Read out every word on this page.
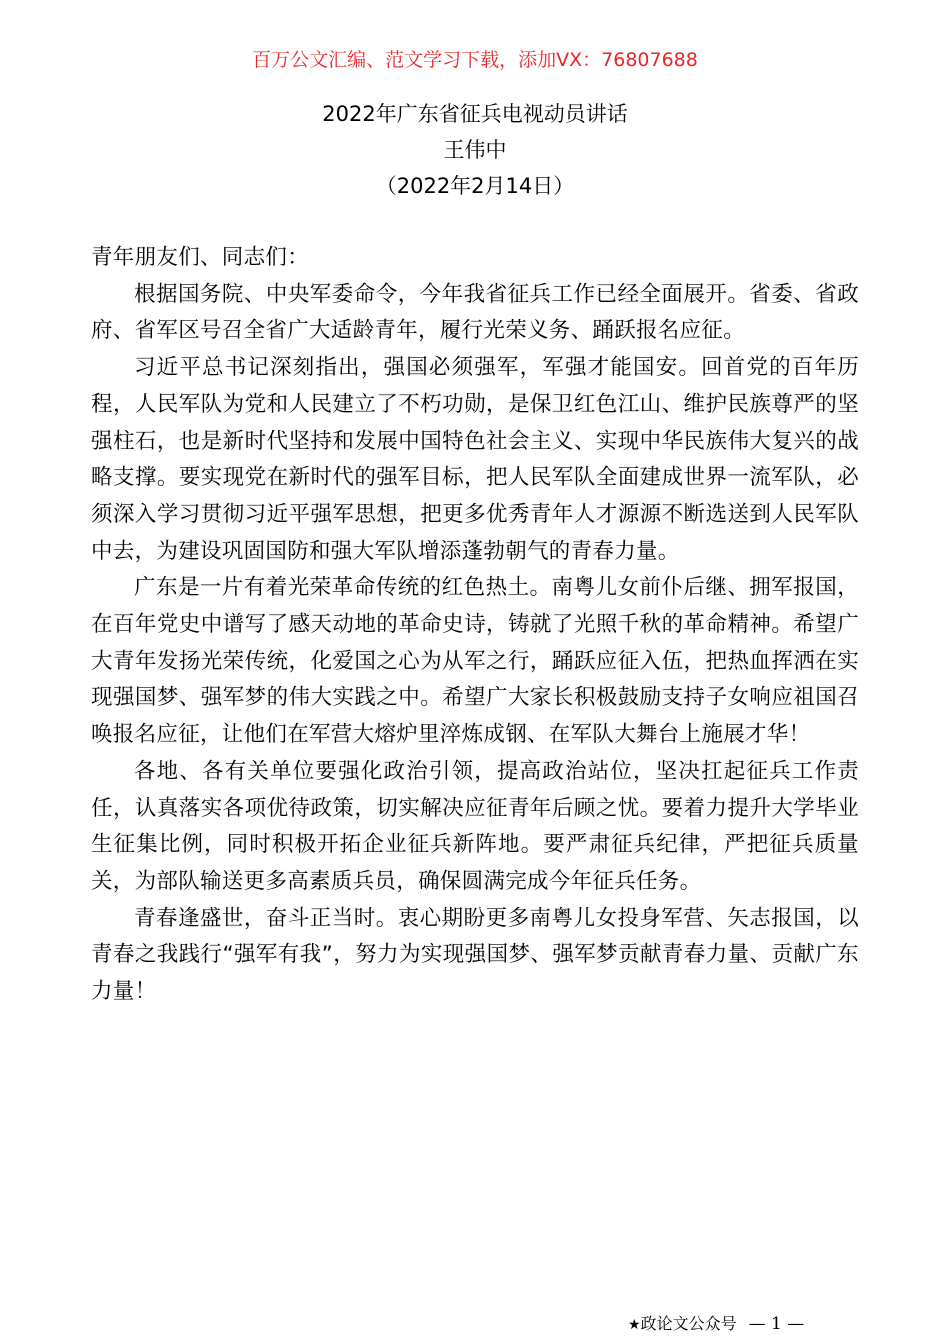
百万公文汇编、范文学习下载，添加VX：76807688
2022年广东省征兵电视动员讲话
王伟中
（2022年2月14日）

青年朋友们、同志们：

根据国务院、中央军委命令，今年我省征兵工作已经全面展开。省委、省政府、省军区号召全省广大适龄青年，履行光荣义务、踊跃报名应征。

习近平总书记深刻指出，强国必须强军，军强才能国安。回首党的百年历程，人民军队为党和人民建立了不朽功勋，是保卫红色江山、维护民族尊严的坚强柱石，也是新时代坚持和发展中国特色社会主义、实现中华民族伟大复兴的战略支撑。要实现党在新时代的强军目标，把人民军队全面建成世界一流军队，必须深入学习贯彻习近平强军思想，把更多优秀青年人才源源不断选送到人民军队中去，为建设巩固国防和强大军队增添蓬勃朝气的青春力量。

广东是一片有着光荣革命传统的红色热土。南粤儿女前仆后继、拥军报国，在百年党史中谱写了感天动地的革命史诗，铸就了光照千秋的革命精神。希望广大青年发扬光荣传统，化爱国之心为从军之行，踊跃应征入伍，把热血挥洒在实现强国梦、强军梦的伟大实践之中。希望广大家长积极鼓励支持子女响应祖国召唤报名应征，让他们在军营大熔炉里淬炼成钢、在军队大舞台上施展才华！

各地、各有关单位要强化政治引领，提高政治站位，坚决扛起征兵工作责任，认真落实各项优待政策，切实解决应征青年后顾之忧。要着力提升大学毕业生征集比例，同时积极开拓企业征兵新阵地。要严肃征兵纪律，严把征兵质量关，为部队输送更多高素质兵员，确保圆满完成今年征兵任务。

青春逢盛世，奋斗正当时。衷心期盼更多南粤儿女投身军营、矢志报国，以青春之我践行“强军有我”，努力为实现强国梦、强军梦贡献青春力量、贡献广东力量！

★政论文公众号 — 1 —
